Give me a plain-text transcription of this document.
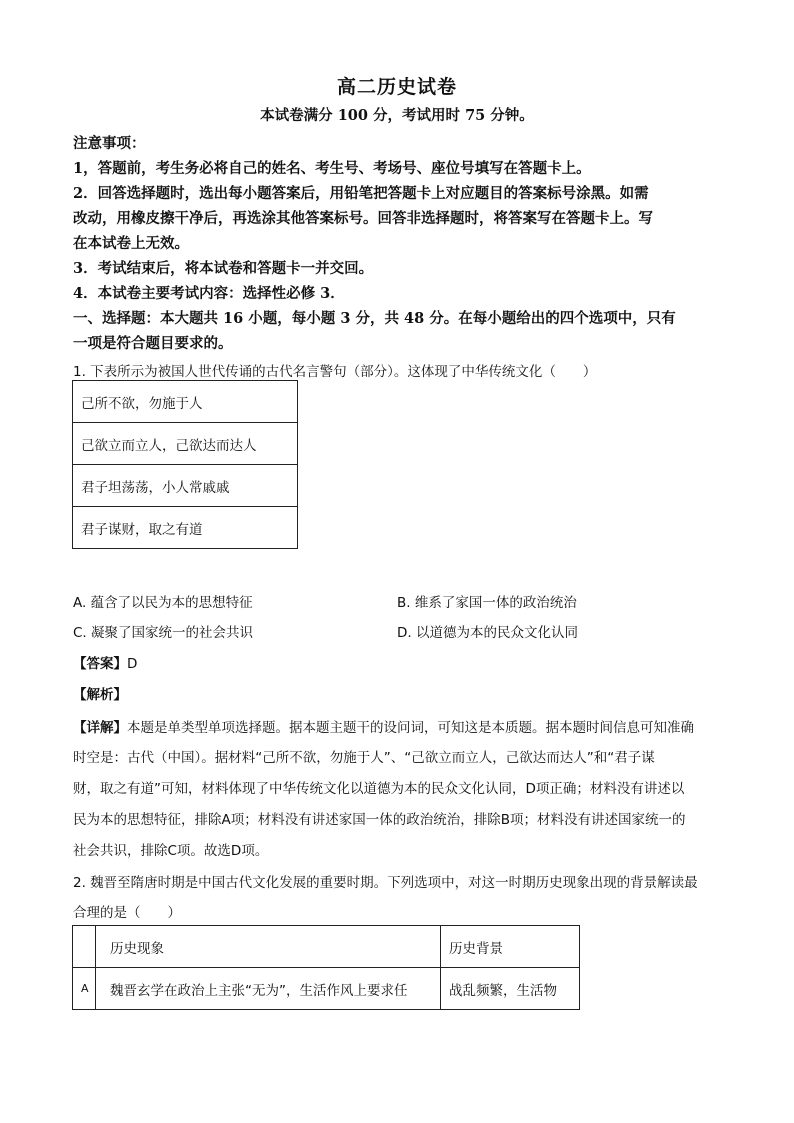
高二历史试卷
本试卷满分 100 分，考试用时 75 分钟。
注意事项：
1，答题前，考生务必将自己的姓名、考生号、考场号、座位号填写在答题卡上。
2．回答选择题时，选出每小题答案后，用铅笔把答题卡上对应题目的答案标号涂黑。如需
改动，用橡皮擦干净后，再选涂其他答案标号。回答非选择题时，将答案写在答题卡上。写
在本试卷上无效。
3．考试结束后，将本试卷和答题卡一并交回。
4．本试卷主要考试内容：选择性必修 3．
一、选择题：本大题共 16 小题，每小题 3 分，共 48 分。在每小题给出的四个选项中，只有
一项是符合题目要求的。
1. 下表所示为被国人世代传诵的古代名言警句（部分）。这体现了中华传统文化（　　）
己所不欲，勿施于人
己欲立而立人，己欲达而达人
君子坦荡荡，小人常戚戚
君子谋财，取之有道
A. 蕴含了以民为本的思想特征	B. 维系了家国一体的政治统治
C. 凝聚了国家统一的社会共识	D. 以道德为本的民众文化认同
【答案】D
【解析】
【详解】本题是单类型单项选择题。据本题主题干的设问词，可知这是本质题。据本题时间信息可知准确
时空是：古代（中国）。据材料“己所不欲，勿施于人”、“己欲立而立人，己欲达而达人”和“君子谋
财，取之有道”可知，材料体现了中华传统文化以道德为本的民众文化认同，D项正确；材料没有讲述以
民为本的思想特征，排除A项；材料没有讲述家国一体的政治统治，排除B项；材料没有讲述国家统一的
社会共识，排除C项。故选D项。
2. 魏晋至隋唐时期是中国古代文化发展的重要时期。下列选项中，对这一时期历史现象出现的背景解读最
合理的是（　　）
	历史现象	历史背景
A	魏晋玄学在政治上主张“无为”，生活作风上要求任	战乱频繁，生活物
